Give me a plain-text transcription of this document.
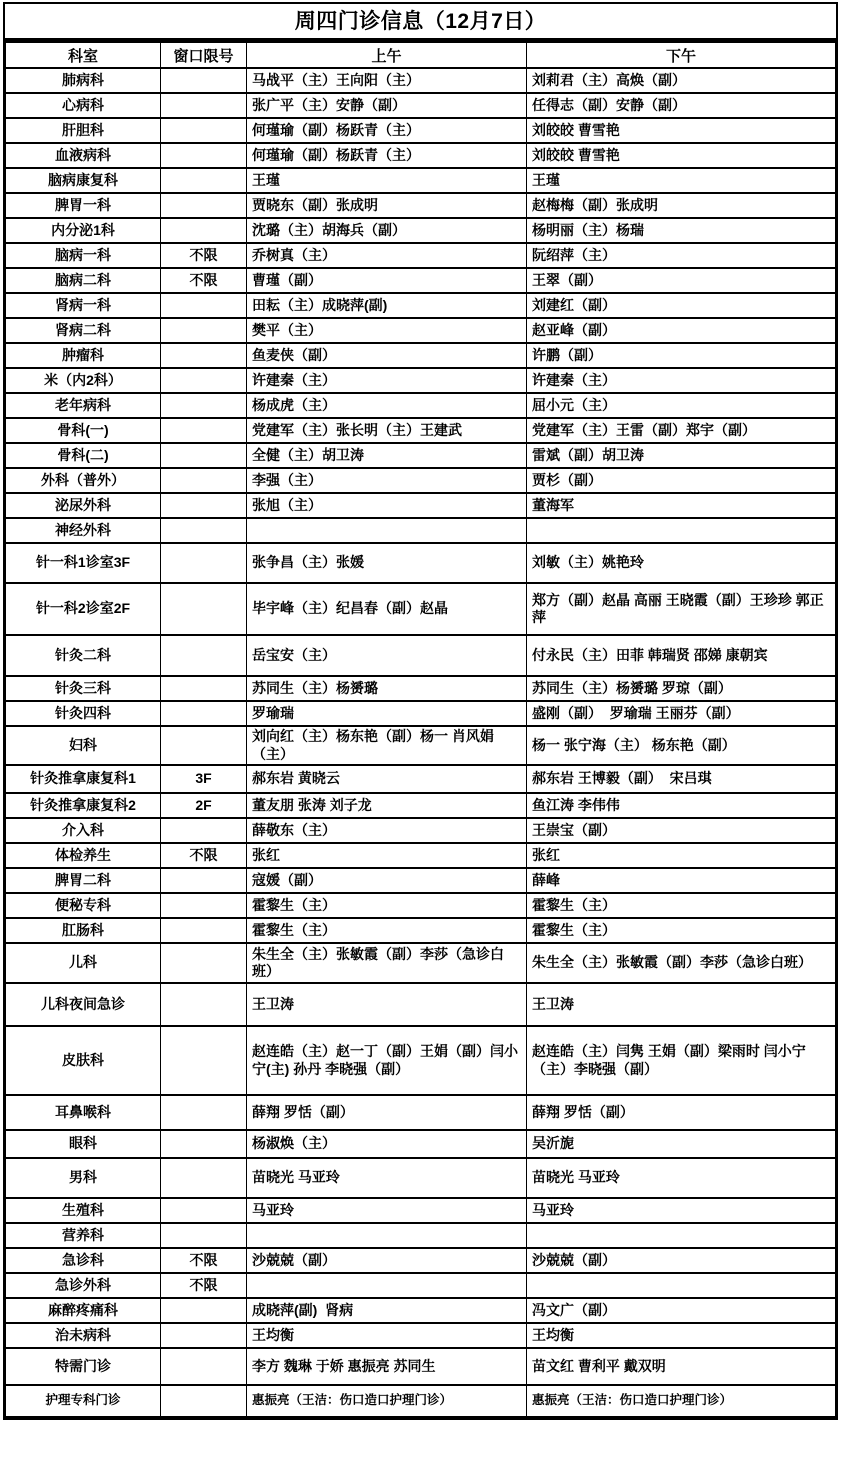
周四门诊信息（12月7日）
科室	窗口限号	上午	下午
肺病科		马战平（主）王向阳（主）	刘莉君（主）高焕（副）
心病科		张广平（主）安静（副）	任得志（副）安静（副）
肝胆科		何瑾瑜（副）杨跃青（主）	刘皎皎 曹雪艳
血液病科		何瑾瑜（副）杨跃青（主）	刘皎皎 曹雪艳
脑病康复科		王瑾	王瑾
脾胃一科		贾晓东（副）张成明	赵梅梅（副）张成明
内分泌1科		沈璐（主）胡海兵（副）	杨明丽（主）杨瑞
脑病一科	不限	乔树真（主）	阮绍萍（主）
脑病二科	不限	曹瑾（副）	王翠（副）
肾病一科		田耘（主）成晓萍(副)	刘建红（副）
肾病二科		樊平（主）	赵亚峰（副）
肿瘤科		鱼麦侠（副）	许鹏（副）
米（内2科）		许建秦（主）	许建秦（主）
老年病科		杨成虎（主）	屈小元（主）
骨科(一)		党建军（主）张长明（主）王建武	党建军（主）王雷（副）郑宇（副）
骨科(二)		全健（主）胡卫涛	雷斌（副）胡卫涛
外科（普外）		李强（主）	贾杉（副）
泌尿外科		张旭（主）	董海军
神经外科			
针一科1诊室3F		张争昌（主）张媛	刘敏（主）姚艳玲
针一科2诊室2F		毕宇峰（主）纪昌春（副）赵晶	郑方（副）赵晶 高丽 王晓霞（副）王珍珍 郭正萍
针灸二科		岳宝安（主）	付永民（主）田菲 韩瑞贤 邵娣 康朝宾
针灸三科		苏同生（主）杨赟璐	苏同生（主）杨赟璐 罗琼（副）
针灸四科		罗瑜瑞	盛刚（副）  罗瑜瑞 王丽芬（副）
妇科		刘向红（主）杨东艳（副）杨一 肖风娟（主）	杨一 张宁海（主） 杨东艳（副）
针灸推拿康复科1	3F	郝东岩 黄晓云	郝东岩 王博毅（副）  宋吕琪
针灸推拿康复科2	2F	董友朋 张涛 刘子龙	鱼江涛 李伟伟
介入科		薛敬东（主）	王崇宝（副）
体检养生	不限	张红	张红
脾胃二科		寇媛（副）	薛峰
便秘专科		霍黎生（主）	霍黎生（主）
肛肠科		霍黎生（主）	霍黎生（主）
儿科		朱生全（主）张敏霞（副）李莎（急诊白班）	朱生全（主）张敏霞（副）李莎（急诊白班）
儿科夜间急诊		王卫涛	王卫涛
皮肤科		赵连皓（主）赵一丁（副）王娟（副）闫小宁(主) 孙丹 李晓强（副）	赵连皓（主）闫隽 王娟（副）梁雨时 闫小宁（主）李晓强（副）
耳鼻喉科		薛翔 罗恬（副）	薛翔 罗恬（副）
眼科		杨淑焕（主）	吴沂旎
男科		苗晓光 马亚玲	苗晓光 马亚玲
生殖科		马亚玲	马亚玲
营养科			
急诊科	不限	沙兢兢（副）	沙兢兢（副）
急诊外科	不限		
麻醉疼痛科		成晓萍(副)  肾病	冯文广（副）
治未病科		王均衡	王均衡
特需门诊		李方 魏琳 于娇 惠振亮 苏同生	苗文红 曹利平 戴双明
护理专科门诊		惠振亮（王洁：伤口造口护理门诊）	惠振亮（王洁：伤口造口护理门诊）
